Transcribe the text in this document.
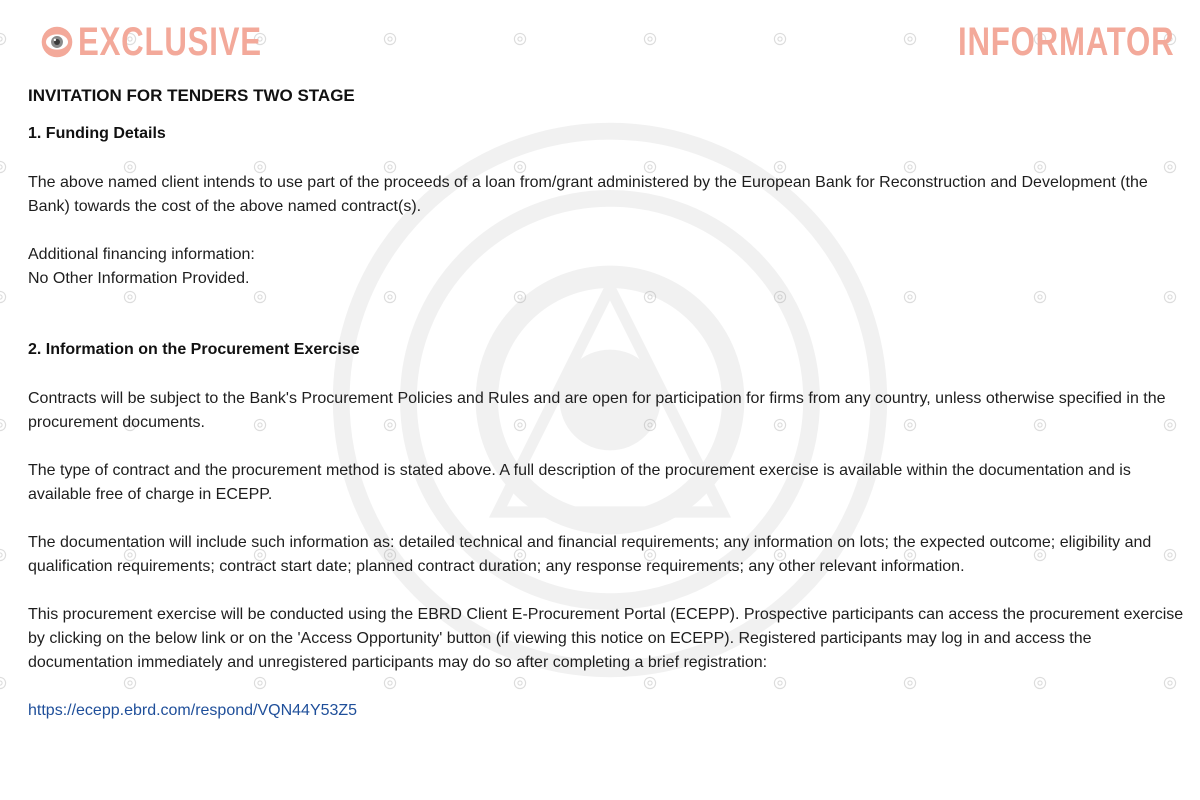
EXCLUSIVE	INFORMATOR
INVITATION FOR TENDERS TWO STAGE
1. Funding Details

The above named client intends to use part of the proceeds of a loan from/grant administered by the European Bank for Reconstruction and Development (the Bank) towards the cost of the above named contract(s).

Additional financing information:

No Other Information Provided.

2. Information on the Procurement Exercise

Contracts will be subject to the Bank's Procurement Policies and Rules and are open for participation for firms from any country, unless otherwise specified in the procurement documents.

The type of contract and the procurement method is stated above. A full description of the procurement exercise is available within the documentation and is available free of charge in ECEPP.

The documentation will include such information as: detailed technical and financial requirements; any information on lots; the expected outcome; eligibility and qualification requirements; contract start date; planned contract duration; any response requirements; any other relevant information.

This procurement exercise will be conducted using the EBRD Client E-Procurement Portal (ECEPP). Prospective participants can access the procurement exercise by clicking on the below link or on the 'Access Opportunity' button (if viewing this notice on ECEPP). Registered participants may log in and access the documentation immediately and unregistered participants may do so after completing a brief registration:

https://ecepp.ebrd.com/respond/VQN44Y53Z5
